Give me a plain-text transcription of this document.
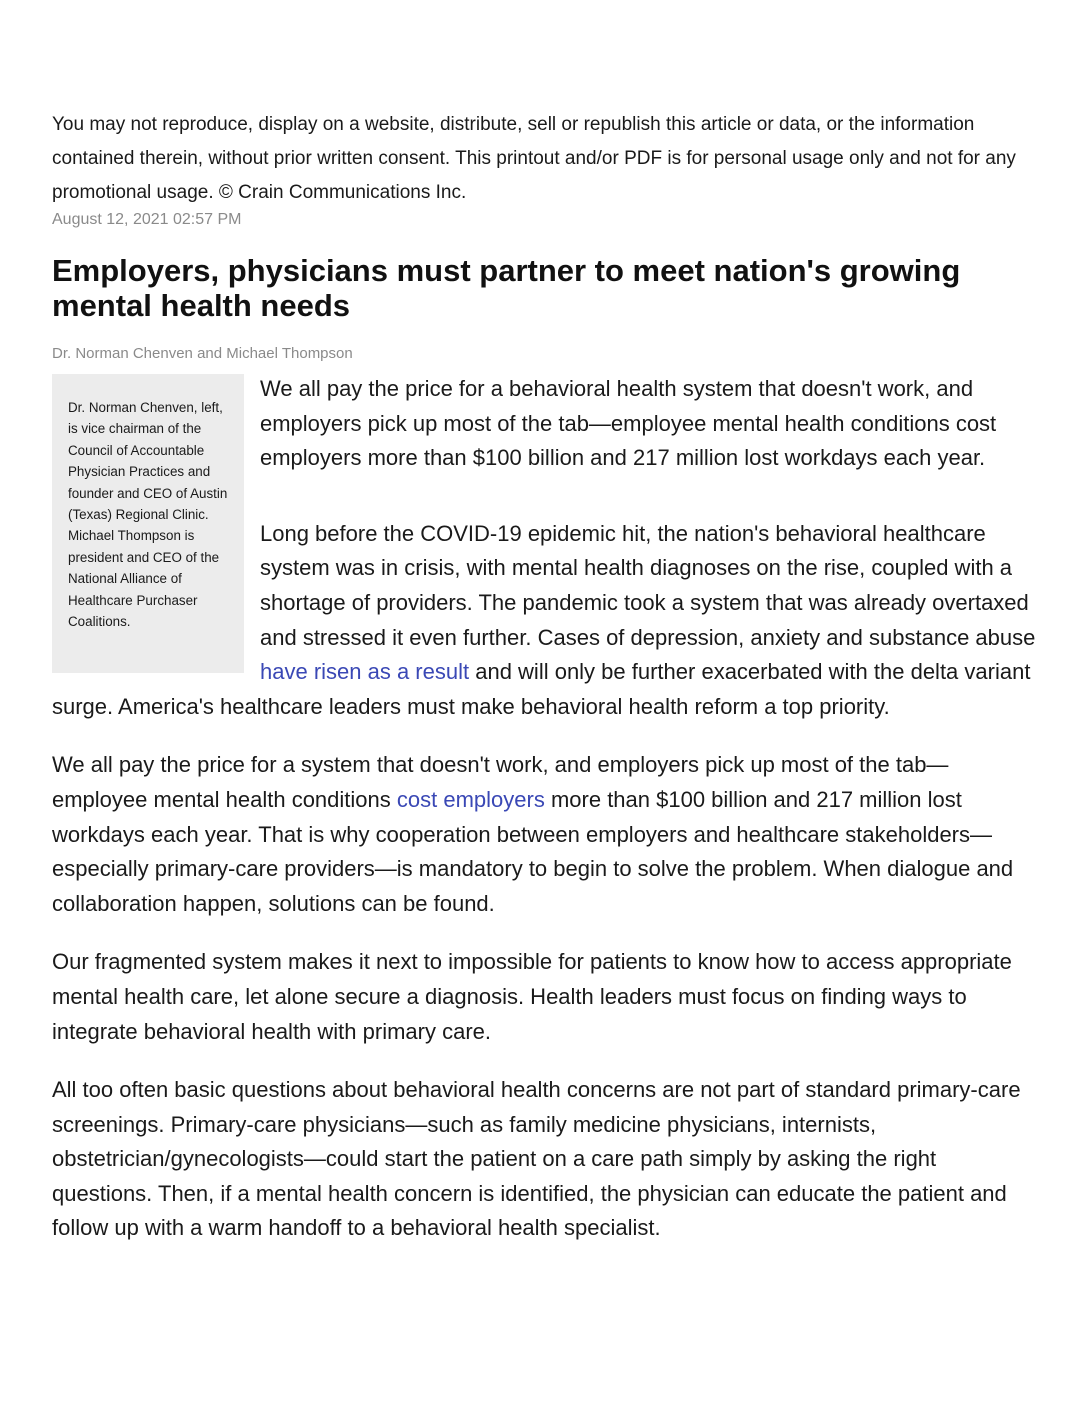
You may not reproduce, display on a website, distribute, sell or republish this article or data, or the information contained therein, without prior written consent. This printout and/or PDF is for personal usage only and not for any promotional usage. © Crain Communications Inc.

August 12, 2021 02:57 PM
Employers, physicians must partner to meet nation's growing mental health needs
Dr. Norman Chenven and Michael Thompson
Dr. Norman Chenven, left, is vice chairman of the Council of Accountable Physician Practices and founder and CEO of Austin (Texas) Regional Clinic. Michael Thompson is president and CEO of the National Alliance of Healthcare Purchaser Coalitions.

We all pay the price for a behavioral health system that doesn't work, and employers pick up most of the tab—employee mental health conditions cost employers more than $100 billion and 217 million lost workdays each year.

Long before the COVID-19 epidemic hit, the nation's behavioral healthcare system was in crisis, with mental health diagnoses on the rise, coupled with a shortage of providers. The pandemic took a system that was already overtaxed and stressed it even further. Cases of depression, anxiety and substance abuse have risen as a result and will only be further exacerbated with the delta variant surge. America's healthcare leaders must make behavioral health reform a top priority.

We all pay the price for a system that doesn't work, and employers pick up most of the tab—employee mental health conditions cost employers more than $100 billion and 217 million lost workdays each year. That is why cooperation between employers and healthcare stakeholders—especially primary-care providers—is mandatory to begin to solve the problem. When dialogue and collaboration happen, solutions can be found.

Our fragmented system makes it next to impossible for patients to know how to access appropriate mental health care, let alone secure a diagnosis. Health leaders must focus on finding ways to integrate behavioral health with primary care.

All too often basic questions about behavioral health concerns are not part of standard primary-care screenings. Primary-care physicians—such as family medicine physicians, internists, obstetrician/gynecologists—could start the patient on a care path simply by asking the right questions. Then, if a mental health concern is identified, the physician can educate the patient and follow up with a warm handoff to a behavioral health specialist.
